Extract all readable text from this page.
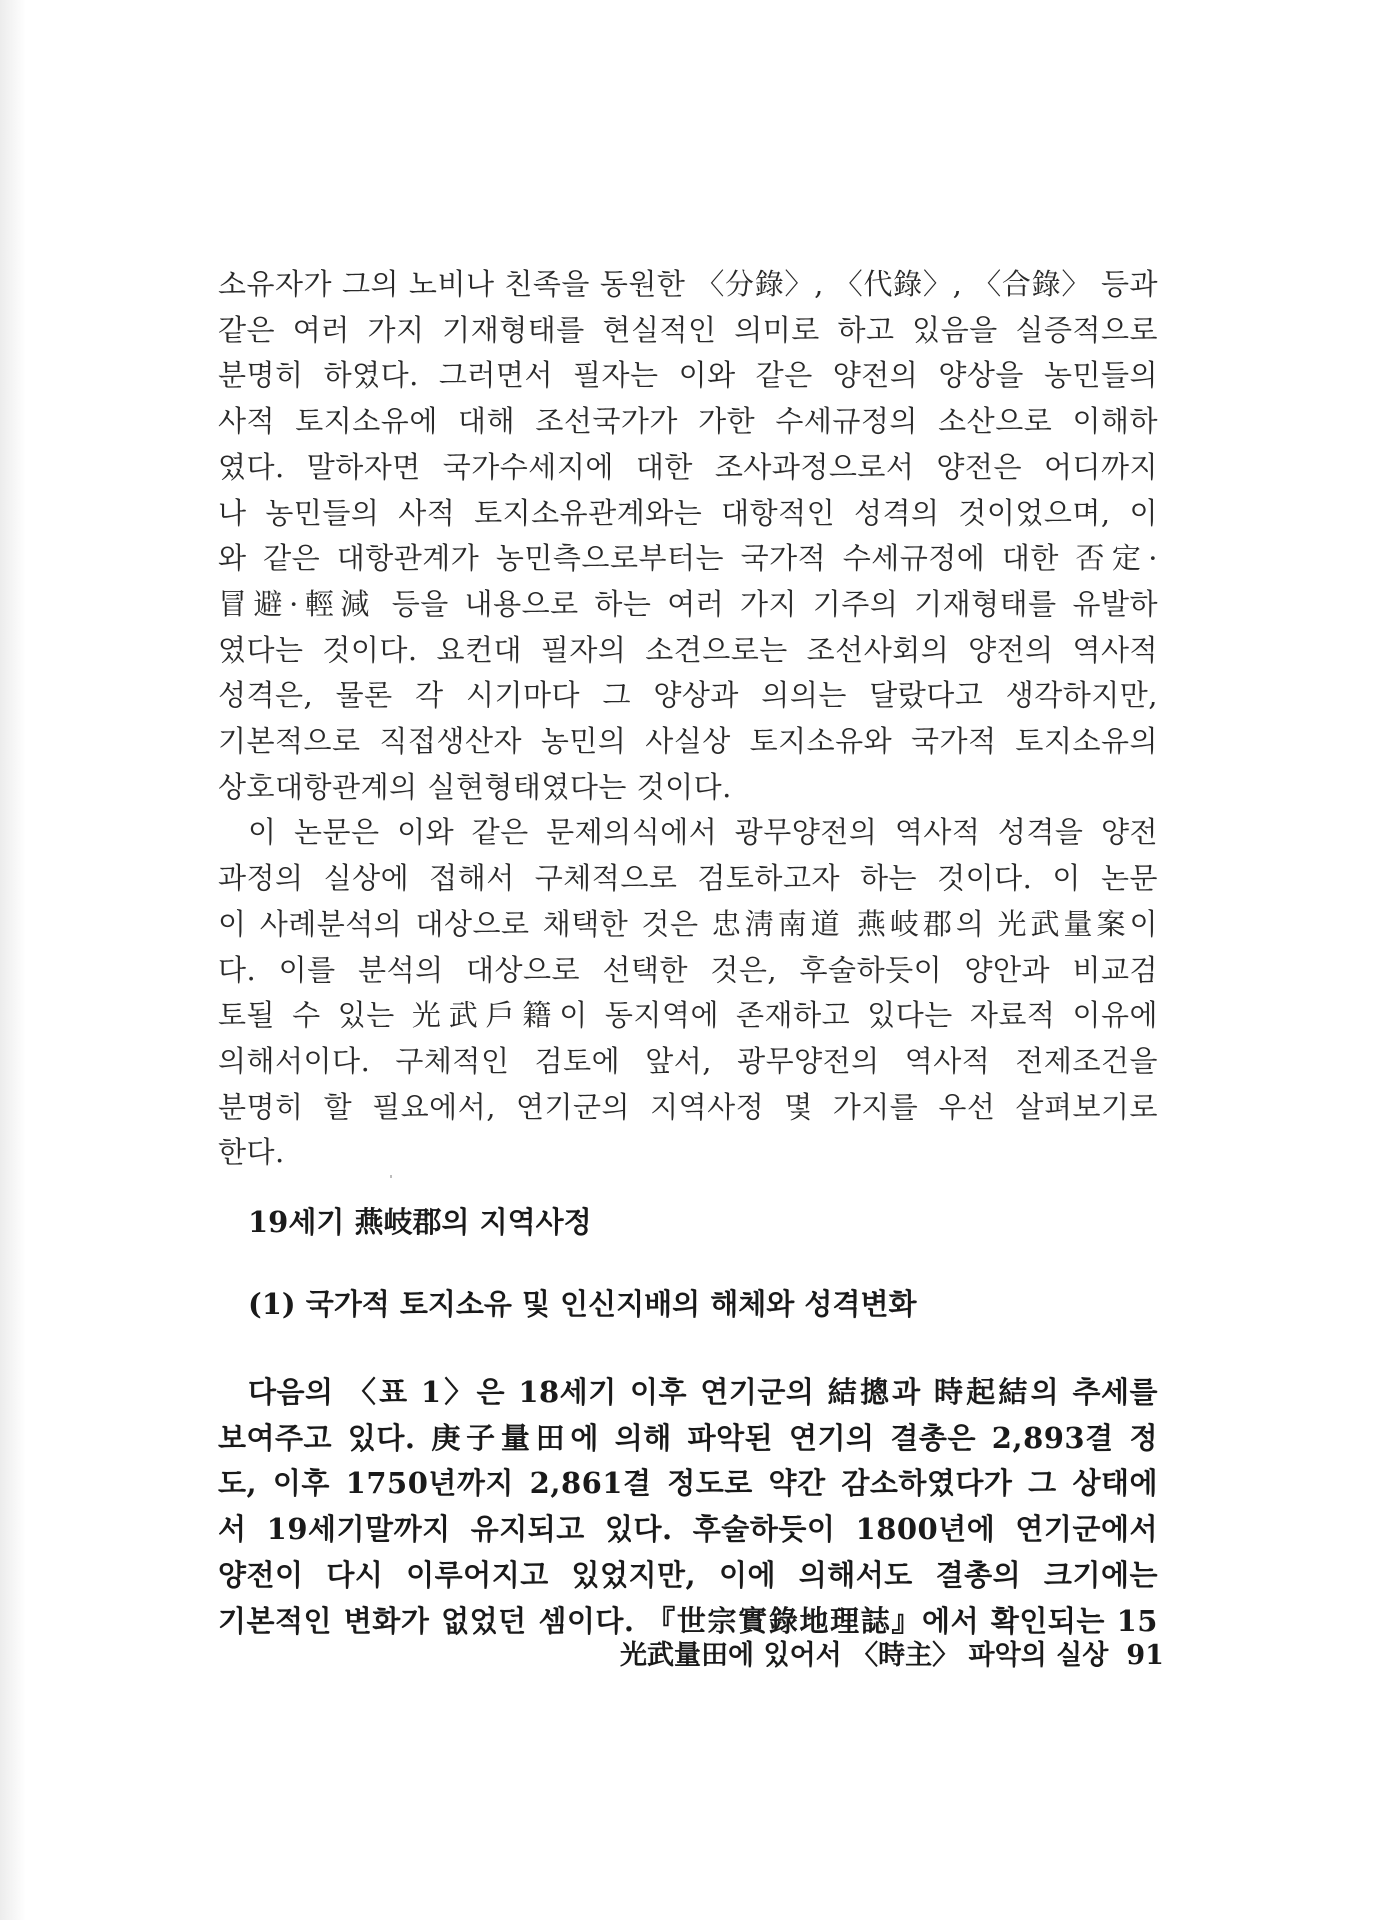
소유자가 그의 노비나 친족을 동원한 〈分錄〉, 〈代錄〉, 〈合錄〉 등과
같은 여러 가지 기재형태를 현실적인 의미로 하고 있음을 실증적으로
분명히 하였다. 그러면서 필자는 이와 같은 양전의 양상을 농민들의
사적 토지소유에 대해 조선국가가 가한 수세규정의 소산으로 이해하
였다. 말하자면 국가수세지에 대한 조사과정으로서 양전은 어디까지
나 농민들의 사적 토지소유관계와는 대항적인 성격의 것이었으며, 이
와 같은 대항관계가 농민측으로부터는 국가적 수세규정에 대한 否定·
冒避·輕減 등을 내용으로 하는 여러 가지 기주의 기재형태를 유발하
였다는 것이다. 요컨대 필자의 소견으로는 조선사회의 양전의 역사적
성격은, 물론 각 시기마다 그 양상과 의의는 달랐다고 생각하지만,
기본적으로 직접생산자 농민의 사실상 토지소유와 국가적 토지소유의
상호대항관계의 실현형태였다는 것이다.

이 논문은 이와 같은 문제의식에서 광무양전의 역사적 성격을 양전
과정의 실상에 접해서 구체적으로 검토하고자 하는 것이다. 이 논문
이 사례분석의 대상으로 채택한 것은 忠淸南道 燕岐郡의 光武量案이
다. 이를 분석의 대상으로 선택한 것은, 후술하듯이 양안과 비교검
토될 수 있는 光武戶籍이 동지역에 존재하고 있다는 자료적 이유에
의해서이다. 구체적인 검토에 앞서, 광무양전의 역사적 전제조건을
분명히 할 필요에서, 연기군의 지역사정 몇 가지를 우선 살펴보기로
한다.

19세기 燕岐郡의 지역사정
(1) 국가적 토지소유 및 인신지배의 해체와 성격변화

다음의 〈표 1〉은 18세기 이후 연기군의 結摠과 時起結의 추세를
보여주고 있다. 庚子量田에 의해 파악된 연기의 결총은 2,893결 정
도, 이후 1750년까지 2,861결 정도로 약간 감소하였다가 그 상태에
서 19세기말까지 유지되고 있다. 후술하듯이 1800년에 연기군에서
양전이 다시 이루어지고 있었지만, 이에 의해서도 결총의 크기에는
기본적인 변화가 없었던 셈이다. 『世宗實錄地理誌』에서 확인되는 15

光武量田에 있어서 〈時主〉 파악의 실상 91
